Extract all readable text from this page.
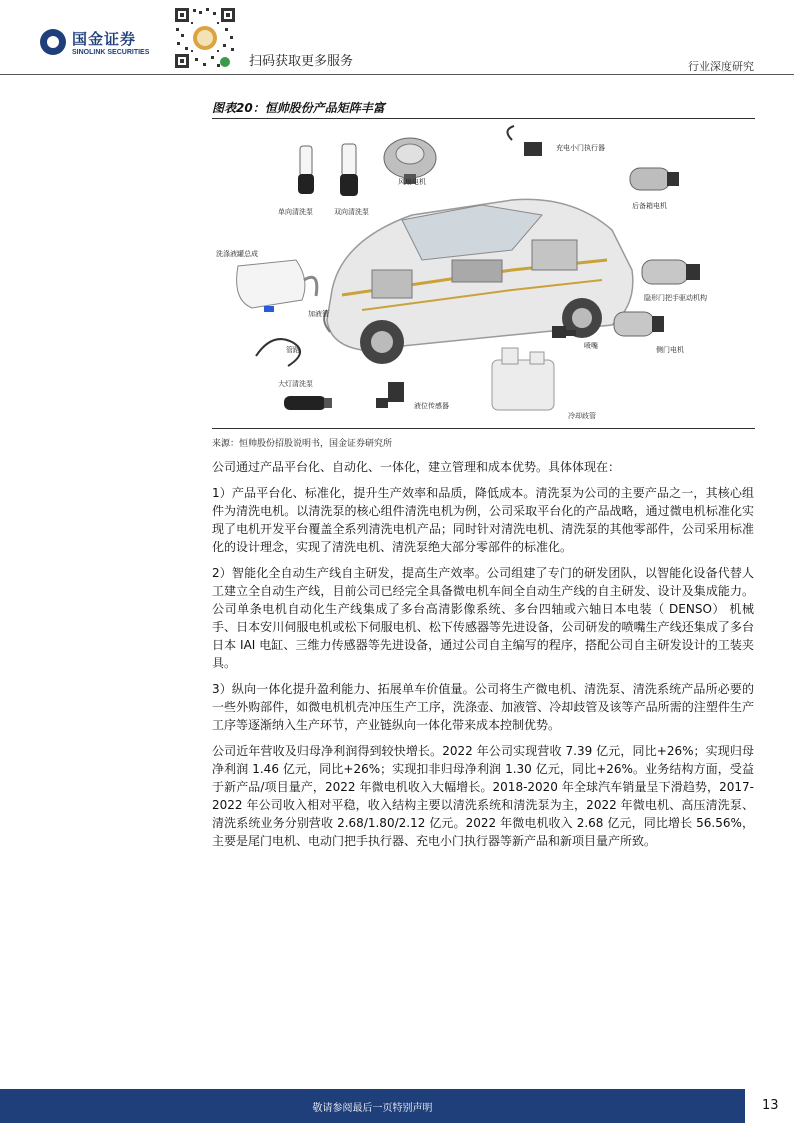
国金证券
SINOLINK SECURITIES
扫码获取更多服务	行业深度研究
图表20：恒帅股份产品矩阵丰富
单向清洗泵	双向清洗泵
风扇电机
充电小门执行器
后备箱电机
洗涤液罐总成
加液管
隐形门把手驱动机构
管路	喷嘴	侧门电机
大灯清洗泵
液位传感器
冷却歧管
来源：恒帅股份招股说明书，国金证券研究所

公司通过产品平台化、自动化、一体化，建立管理和成本优势。具体体现在：

1）产品平台化、标准化，提升生产效率和品质，降低成本。清洗泵为公司的主要产品之一，其核心组件为清洗电机。以清洗泵的核心组件清洗电机为例，公司采取平台化的产品战略，通过微电机标准化实现了电机开发平台覆盖全系列清洗电机产品；同时针对清洗电机、清洗泵的其他零部件，公司采用标准化的设计理念，实现了清洗电机、清洗泵绝大部分零部件的标准化。

2）智能化全自动生产线自主研发，提高生产效率。公司组建了专门的研发团队，以智能化设备代替人工建立全自动生产线，目前公司已经完全具备微电机车间全自动生产线的自主研发、设计及集成能力。公司单条电机自动化生产线集成了多台高清影像系统、多台四轴或六轴日本电装（ DENSO） 机械手、日本安川伺服电机或松下伺服电机、松下传感器等先进设备，公司研发的喷嘴生产线还集成了多台日本 IAI 电缸、三维力传感器等先进设备，通过公司自主编写的程序，搭配公司自主研发设计的工装夹具。

3）纵向一体化提升盈利能力、拓展单车价值量。公司将生产微电机、清洗泵、清洗系统产品所必要的一些外购部件，如微电机机壳冲压生产工序，洗涤壶、加液管、冷却歧管及该等产品所需的注塑件生产工序等逐渐纳入生产环节，产业链纵向一体化带来成本控制优势。

公司近年营收及归母净利润得到较快增长。2022 年公司实现营收 7.39 亿元，同比+26%；实现归母净利润 1.46 亿元，同比+26%；实现扣非归母净利润 1.30 亿元，同比+26%。业务结构方面，受益于新产品/项目量产，2022 年微电机收入大幅增长。2018-2020 年全球汽车销量呈下滑趋势，2017-2022 年公司收入相对平稳，收入结构主要以清洗系统和清洗泵为主，2022 年微电机、高压清洗泵、清洗系统业务分别营收 2.68/1.80/2.12 亿元。2022 年微电机收入 2.68 亿元，同比增长 56.56%，主要是尾门电机、电动门把手执行器、充电小门执行器等新产品和新项目量产所致。

敬请参阅最后一页特别声明	13
